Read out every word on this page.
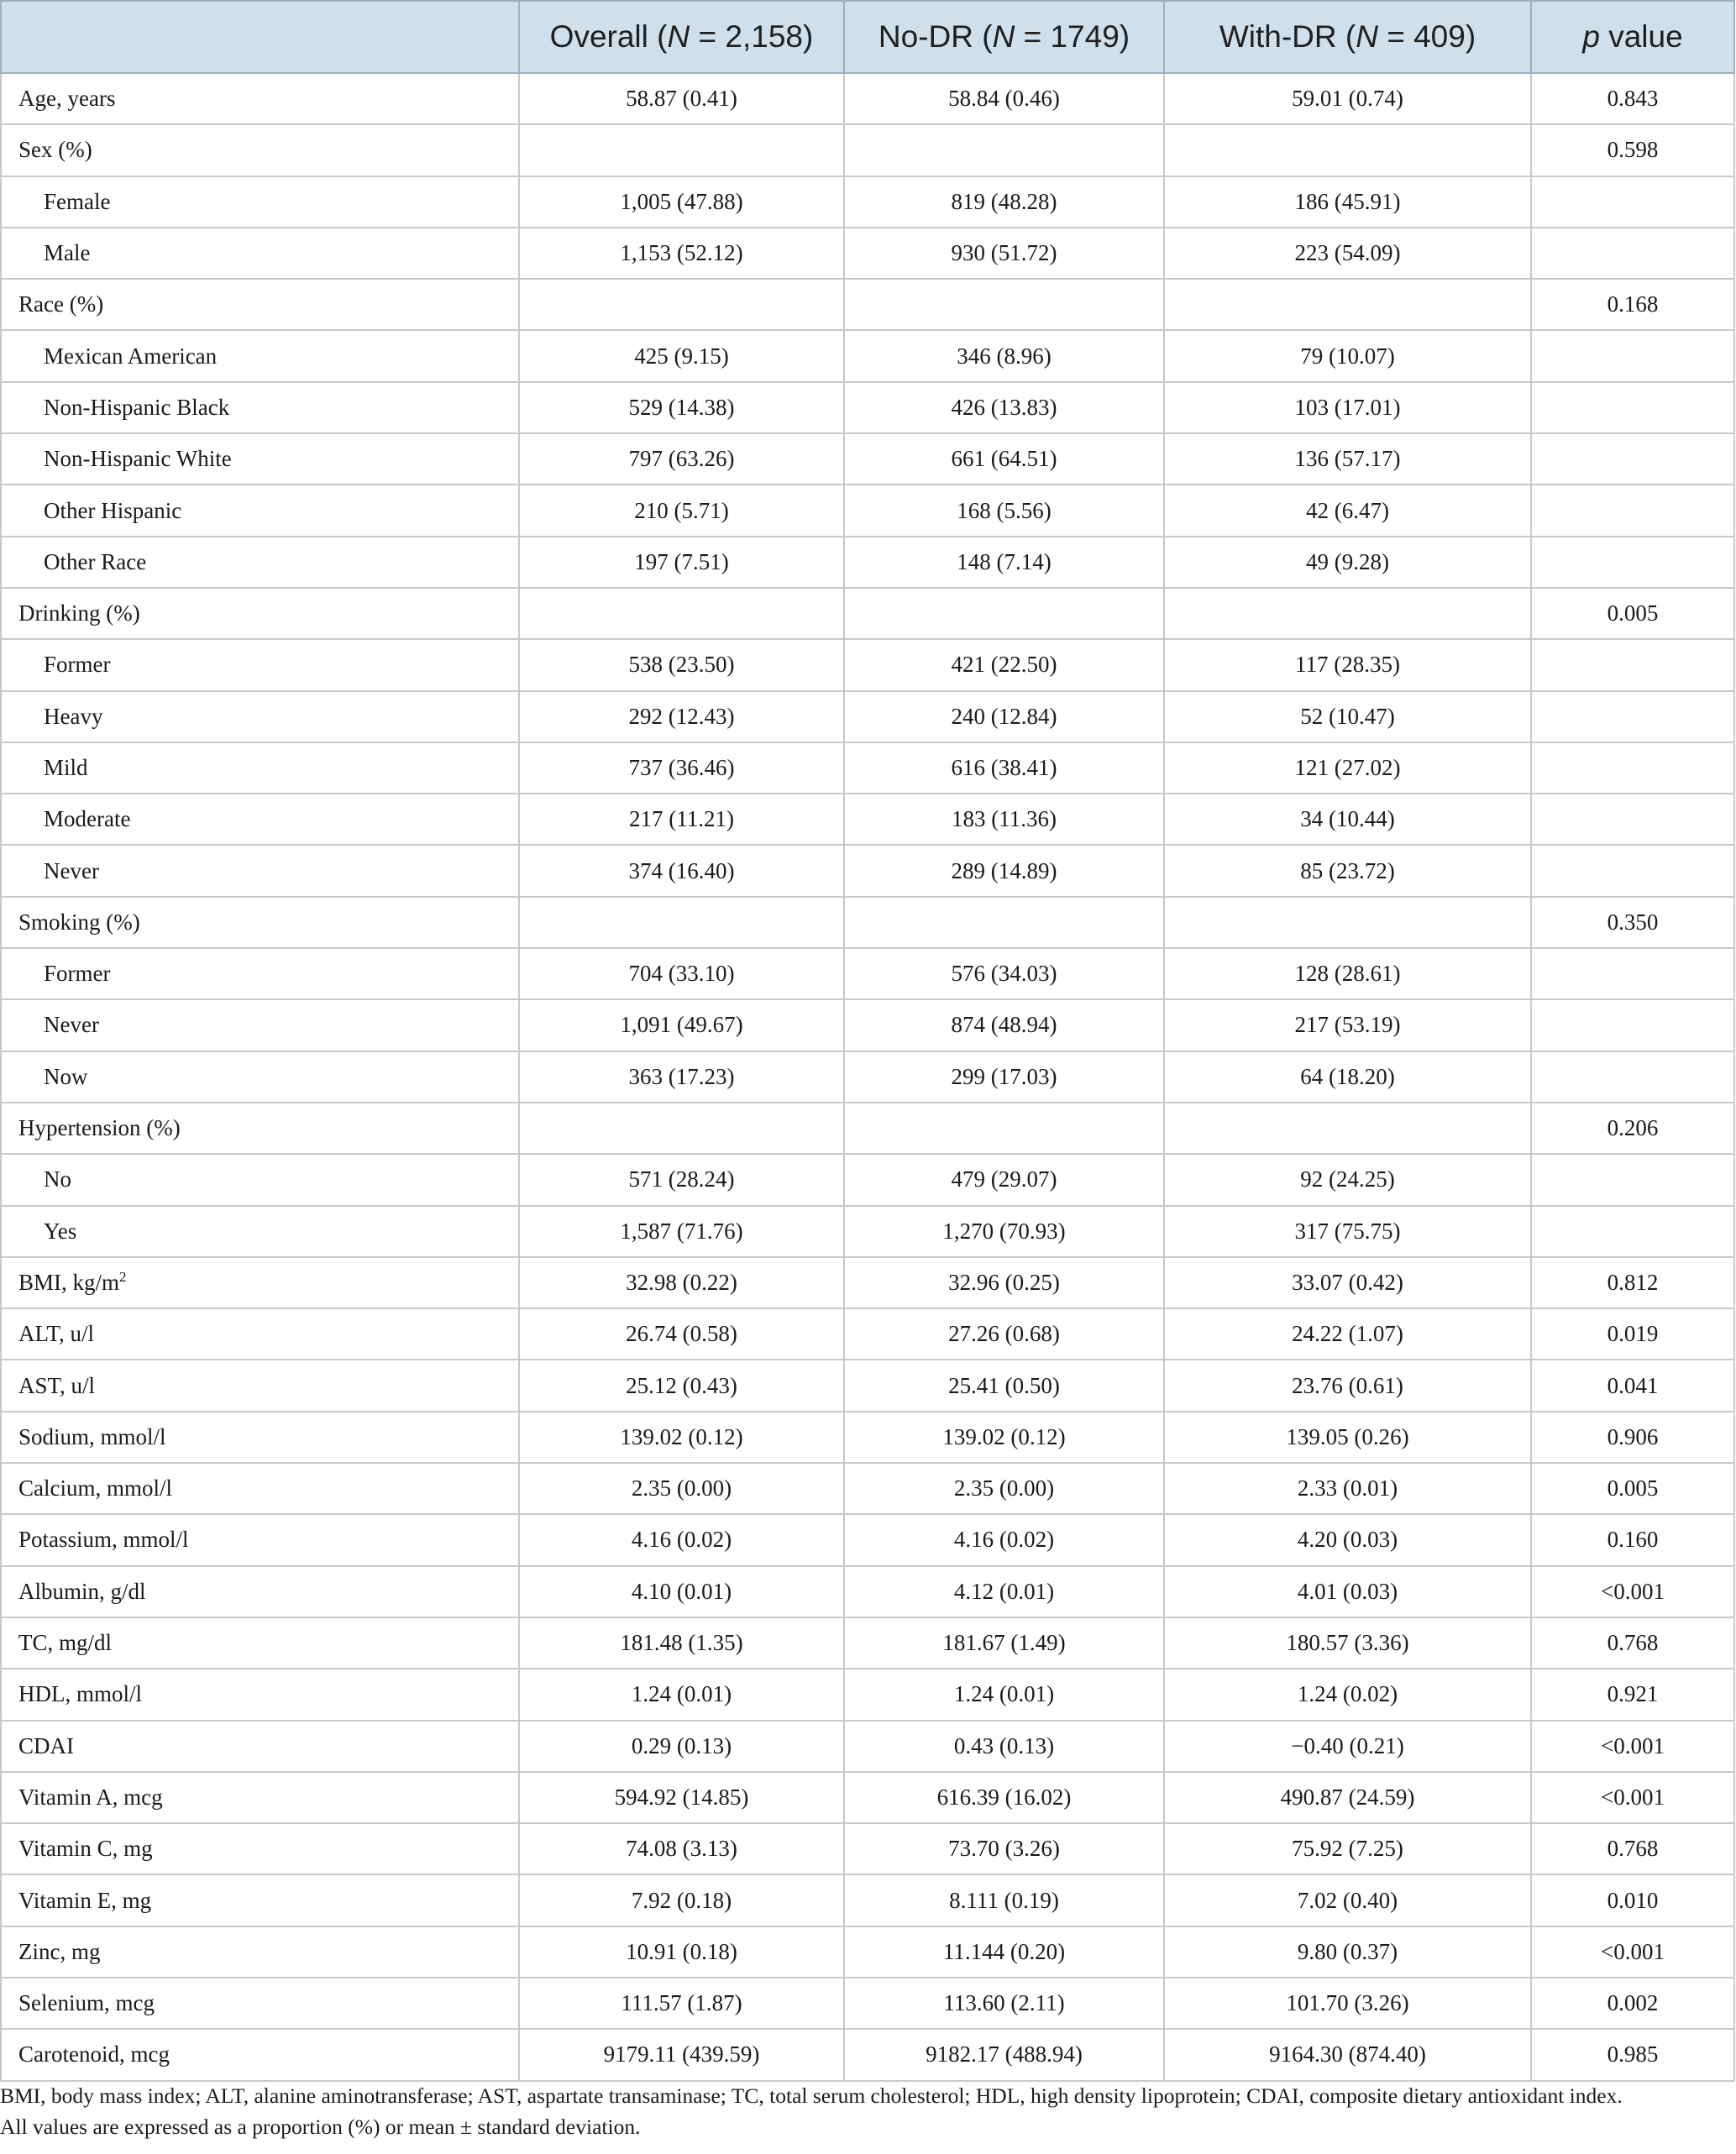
	Overall (N = 2,158)	No-DR (N = 1749)	With-DR (N = 409)	p value
Age, years	58.87 (0.41)	58.84 (0.46)	59.01 (0.74)	0.843
Sex (%)				0.598
Female	1,005 (47.88)	819 (48.28)	186 (45.91)	
Male	1,153 (52.12)	930 (51.72)	223 (54.09)	
Race (%)				0.168
Mexican American	425 (9.15)	346 (8.96)	79 (10.07)	
Non-Hispanic Black	529 (14.38)	426 (13.83)	103 (17.01)	
Non-Hispanic White	797 (63.26)	661 (64.51)	136 (57.17)	
Other Hispanic	210 (5.71)	168 (5.56)	42 (6.47)	
Other Race	197 (7.51)	148 (7.14)	49 (9.28)	
Drinking (%)				0.005
Former	538 (23.50)	421 (22.50)	117 (28.35)	
Heavy	292 (12.43)	240 (12.84)	52 (10.47)	
Mild	737 (36.46)	616 (38.41)	121 (27.02)	
Moderate	217 (11.21)	183 (11.36)	34 (10.44)	
Never	374 (16.40)	289 (14.89)	85 (23.72)	
Smoking (%)				0.350
Former	704 (33.10)	576 (34.03)	128 (28.61)	
Never	1,091 (49.67)	874 (48.94)	217 (53.19)	
Now	363 (17.23)	299 (17.03)	64 (18.20)	
Hypertension (%)				0.206
No	571 (28.24)	479 (29.07)	92 (24.25)	
Yes	1,587 (71.76)	1,270 (70.93)	317 (75.75)	
BMI, $kg/m^2$	32.98 (0.22)	32.96 (0.25)	33.07 (0.42)	0.812
ALT, u/l	26.74 (0.58)	27.26 (0.68)	24.22 (1.07)	0.019
AST, u/l	25.12 (0.43)	25.41 (0.50)	23.76 (0.61)	0.041
Sodium, mmol/l	139.02 (0.12)	139.02 (0.12)	139.05 (0.26)	0.906
Calcium, mmol/l	2.35 (0.00)	2.35 (0.00)	2.33 (0.01)	0.005
Potassium, mmol/l	4.16 (0.02)	4.16 (0.02)	4.20 (0.03)	0.160
Albumin, g/dl	4.10 (0.01)	4.12 (0.01)	4.01 (0.03)	<0.001
TC, mg/dl	181.48 (1.35)	181.67 (1.49)	180.57 (3.36)	0.768
HDL, mmol/l	1.24 (0.01)	1.24 (0.01)	1.24 (0.02)	0.921
CDAI	0.29 (0.13)	0.43 (0.13)	−0.40 (0.21)	<0.001
Vitamin A, mcg	594.92 (14.85)	616.39 (16.02)	490.87 (24.59)	<0.001
Vitamin C, mg	74.08 (3.13)	73.70 (3.26)	75.92 (7.25)	0.768
Vitamin E, mg	7.92 (0.18)	8.111 (0.19)	7.02 (0.40)	0.010
Zinc, mg	10.91 (0.18)	11.144 (0.20)	9.80 (0.37)	<0.001
Selenium, mcg	111.57 (1.87)	113.60 (2.11)	101.70 (3.26)	0.002
Carotenoid, mcg	9179.11 (439.59)	9182.17 (488.94)	9164.30 (874.40)	0.985
BMI, body mass index; ALT, alanine aminotransferase; AST, aspartate transaminase; TC, total serum cholesterol; HDL, high density lipoprotein; CDAI, composite dietary antioxidant index.
All values are expressed as a proportion (%) or mean ± standard deviation.
